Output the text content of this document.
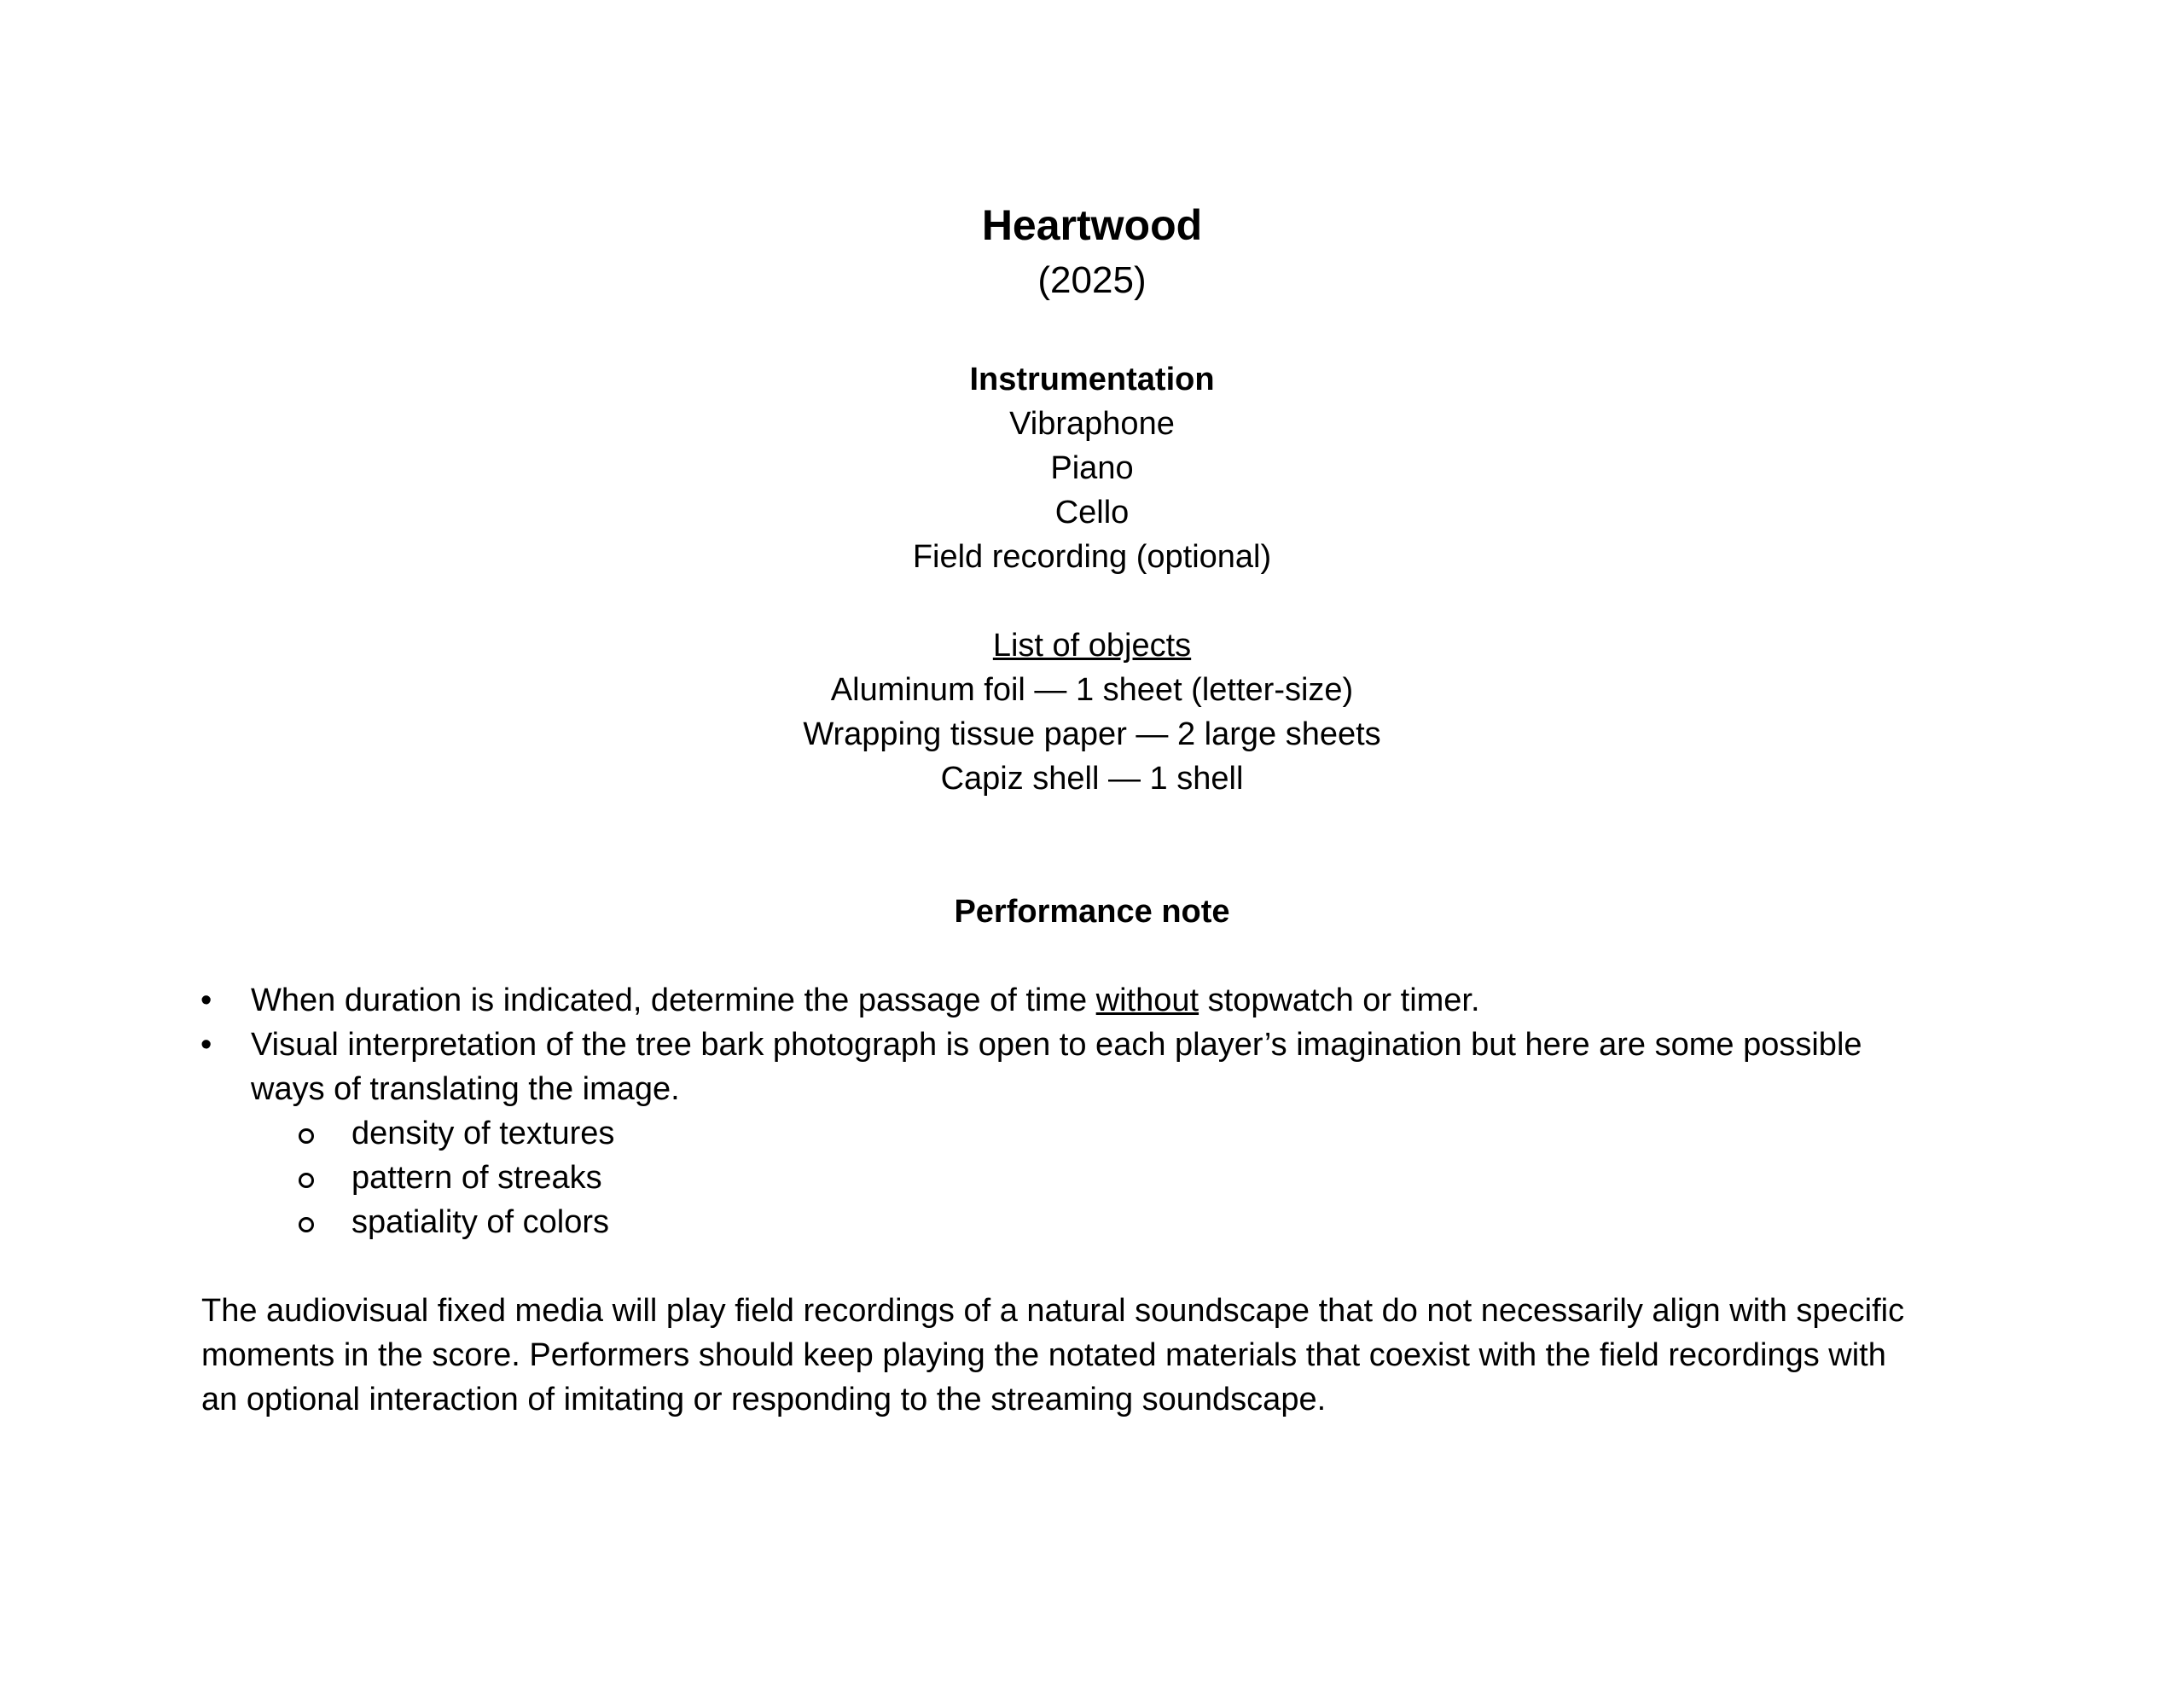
Heartwood
(2025)
Instrumentation
Vibraphone
Piano
Cello
Field recording (optional)
List of objects
Aluminum foil — 1 sheet (letter-size)
Wrapping tissue paper — 2 large sheets
Capiz shell — 1 shell
Performance note
• When duration is indicated, determine the passage of time without stopwatch or timer.
• Visual interpretation of the tree bark photograph is open to each player’s imagination but here are some possible
ways of translating the image.
density of textures
pattern of streaks
spatiality of colors
The audiovisual fixed media will play field recordings of a natural soundscape that do not necessarily align with specific
moments in the score. Performers should keep playing the notated materials that coexist with the field recordings with
an optional interaction of imitating or responding to the streaming soundscape.
